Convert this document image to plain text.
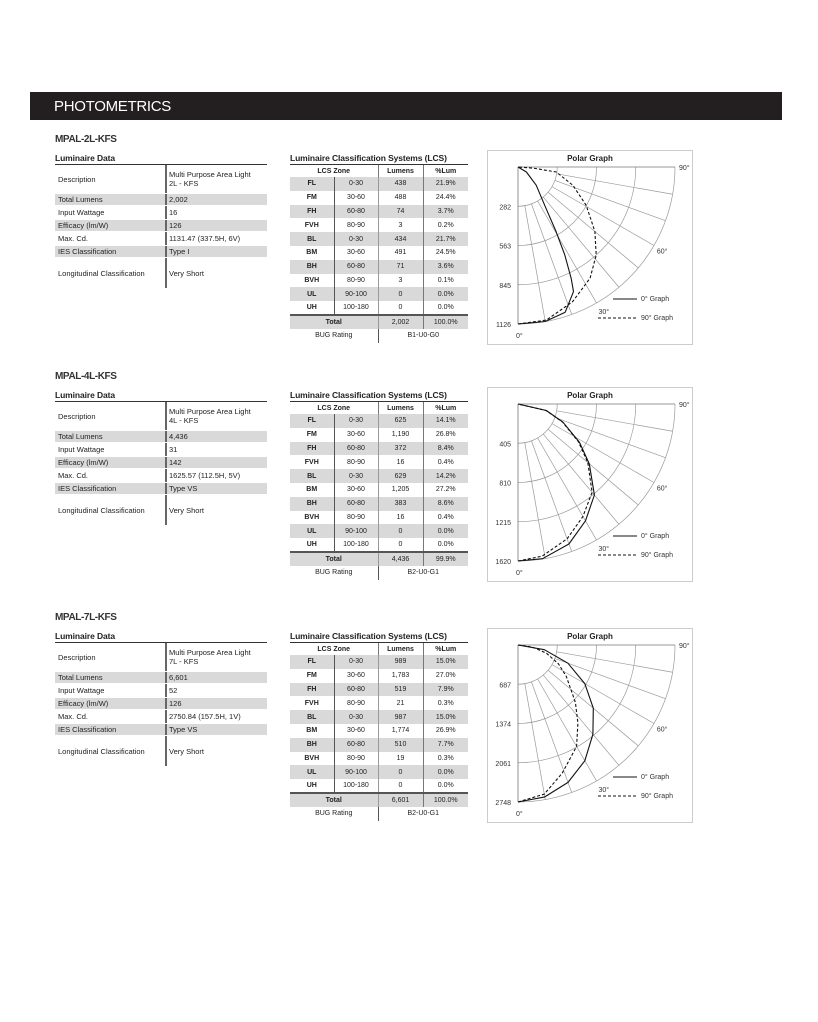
PHOTOMETRICS
MPAL-2L-KFS
Luminaire Data
Description	Multi Purpose Area Light
2L - KFS
Total Lumens	2,002
Input Wattage	16
Efficacy (lm/W)	126
Max. Cd.	1131.47 (337.5H, 6V)
IES Classification	Type I
Longitudinal Classification	Very Short
Luminaire Classification Systems (LCS)
LCS Zone		Lumens	%Lum
FL	0-30	438	21.9%
FM	30-60	488	24.4%
FH	60-80	74	3.7%
FVH	80-90	3	0.2%
BL	0-30	434	21.7%
BM	30-60	491	24.5%
BH	60-80	71	3.6%
BVH	80-90	3	0.1%
UL	90-100	0	0.0%
UH	100-180	0	0.0%
Total		2,002	100.0%
BUG Rating		B1-U0-G0	
Polar Graph
282
563
845
1126
0°
30°
60°
90°
0° Graph
90° Graph
MPAL-4L-KFS
Luminaire Data
Description	Multi Purpose Area Light
4L - KFS
Total Lumens	4,436
Input Wattage	31
Efficacy (lm/W)	142
Max. Cd.	1625.57 (112.5H, 5V)
IES Classification	Type VS
Longitudinal Classification	Very Short
Luminaire Classification Systems (LCS)
LCS Zone		Lumens	%Lum
FL	0-30	625	14.1%
FM	30-60	1,190	26.8%
FH	60-80	372	8.4%
FVH	80-90	16	0.4%
BL	0-30	629	14.2%
BM	30-60	1,205	27.2%
BH	60-80	383	8.6%
BVH	80-90	16	0.4%
UL	90-100	0	0.0%
UH	100-180	0	0.0%
Total		4,436	99.9%
BUG Rating		B2-U0-G1	
Polar Graph
405
810
1215
1620
0°
30°
60°
90°
0° Graph
90° Graph
MPAL-7L-KFS
Luminaire Data
Description	Multi Purpose Area Light
7L - KFS
Total Lumens	6,601
Input Wattage	52
Efficacy (lm/W)	126
Max. Cd.	2750.84 (157.5H, 1V)
IES Classification	Type VS
Longitudinal Classification	Very Short
Luminaire Classification Systems (LCS)
LCS Zone		Lumens	%Lum
FL	0-30	989	15.0%
FM	30-60	1,783	27.0%
FH	60-80	519	7.9%
FVH	80-90	21	0.3%
BL	0-30	987	15.0%
BM	30-60	1,774	26.9%
BH	60-80	510	7.7%
BVH	80-90	19	0.3%
UL	90-100	0	0.0%
UH	100-180	0	0.0%
Total		6,601	100.0%
BUG Rating		B2-U0-G1	
Polar Graph
687
1374
2061
2748
0°
30°
60°
90°
0° Graph
90° Graph
